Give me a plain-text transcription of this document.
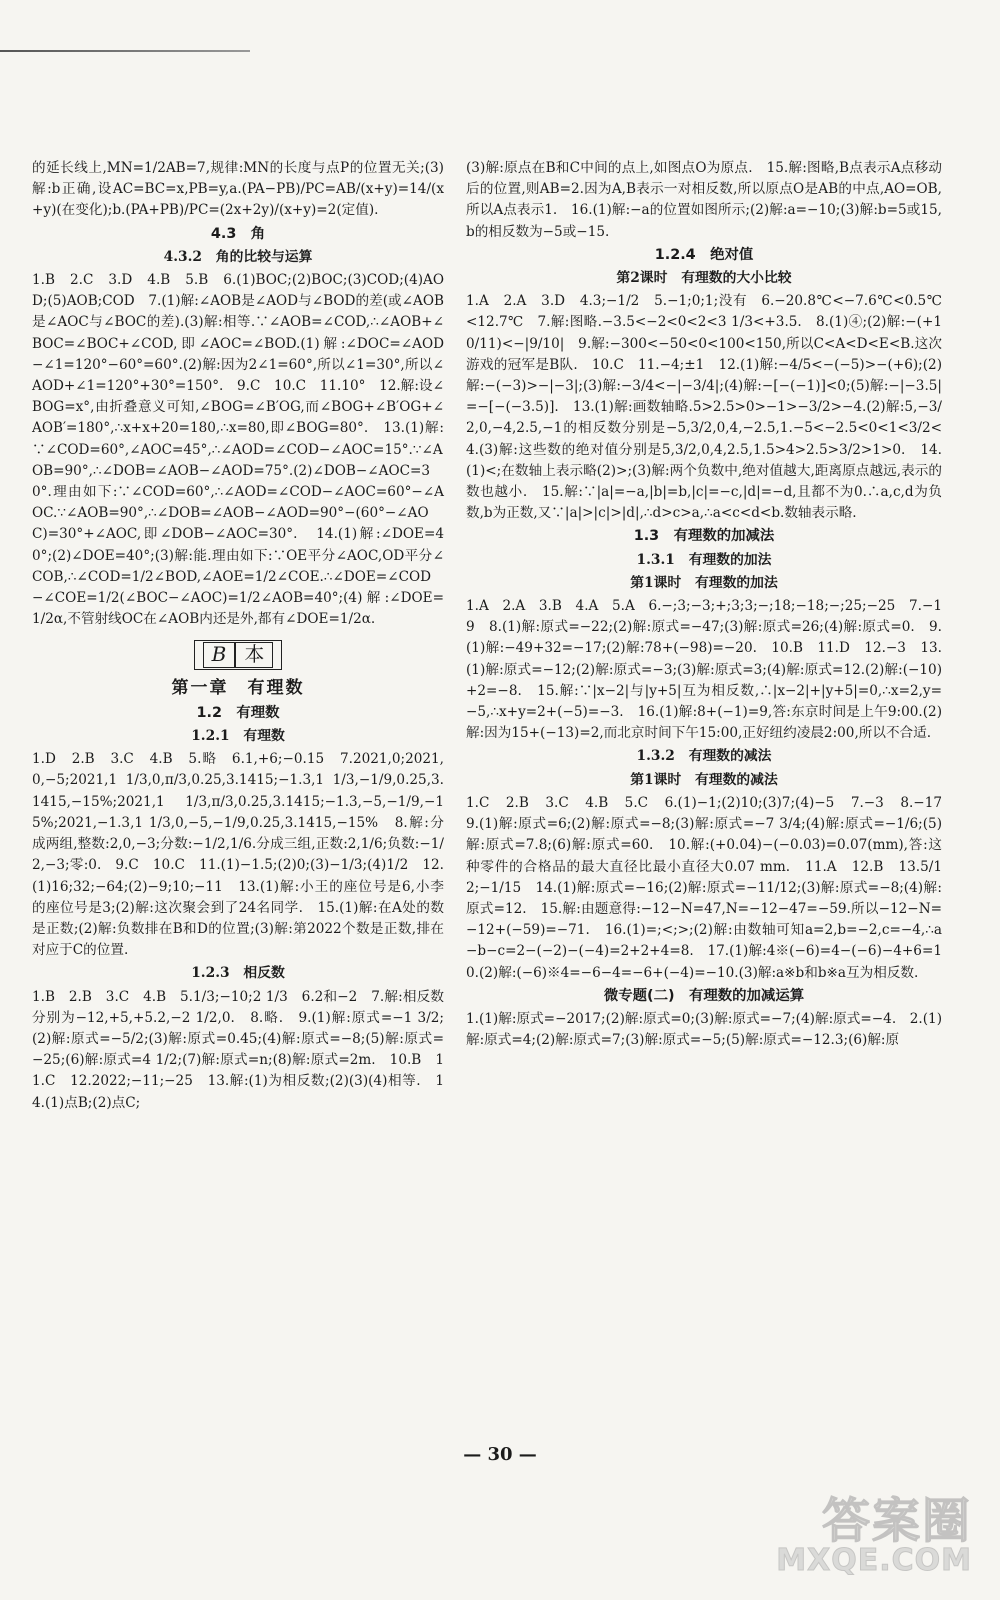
的延长线上,MN=1/2AB=7,规律:MN的长度与点P的位置无关;(3)解:b正确,设AC=BC=x,PB=y,a.(PA−PB)/PC=AB/(x+y)=14/(x+y)(在变化);b.(PA+PB)/PC=(2x+2y)/(x+y)=2(定值).

4.3　角
4.3.2　角的比较与运算

1.B　2.C　3.D　4.B　5.B　6.(1)BOC;(2)BOC;(3)COD;(4)AOD;(5)AOB;COD　7.(1)解:∠AOB是∠AOD与∠BOD的差(或∠AOB是∠AOC与∠BOC的差).(3)解:相等.∵∠AOB=∠COD,∴∠AOB+∠BOC=∠BOC+∠COD,即∠AOC=∠BOD.(1)解:∠DOC=∠AOD−∠1=120°−60°=60°.(2)解:因为2∠1=60°,所以∠1=30°,所以∠AOD+∠1=120°+30°=150°.　9.C　10.C　11.10°　12.解:设∠BOG=x°,由折叠意义可知,∠BOG=∠B′OG,而∠BOG+∠B′OG+∠AOB′=180°,∴x+x+20=180,∴x=80,即∠BOG=80°.　13.(1)解:∵∠COD=60°,∠AOC=45°,∴∠AOD=∠COD−∠AOC=15°.∵∠AOB=90°,∴∠DOB=∠AOB−∠AOD=75°.(2)∠DOB−∠AOC=30°.理由如下:∵∠COD=60°,∴∠AOD=∠COD−∠AOC=60°−∠AOC.∵∠AOB=90°,∴∠DOB=∠AOB−∠AOD=90°−(60°−∠AOC)=30°+∠AOC,即∠DOB−∠AOC=30°.　14.(1)解:∠DOE=40°;(2)∠DOE=40°;(3)解:能.理由如下:∵OE平分∠AOC,OD平分∠COB,∴∠COD=1/2∠BOD,∠AOE=1/2∠COE.∴∠DOE=∠COD−∠COE=1/2(∠BOC−∠AOC)=1/2∠AOB=40°;(4)解:∠DOE=1/2α,不管射线OC在∠AOB内还是外,都有∠DOE=1/2α.

B 本
第一章　有理数
1.2　有理数
1.2.1　有理数

1.D　2.B　3.C　4.B　5.略　6.1,+6;−0.15　7.2021,0;2021,0,−5;2021,1 1/3,0,π/3,0.25,3.1415;−1.3,1 1/3,−1/9,0.25,3.1415,−15%;2021,1 1/3,π/3,0.25,3.1415;−1.3,−5,−1/9,−15%;2021,−1.3,1 1/3,0,−5,−1/9,0.25,3.1415,−15%　8.解:分成两组,整数:2,0,−3;分数:−1/2,1/6.分成三组,正数:2,1/6;负数:−1/2,−3;零:0.　9.C　10.C　11.(1)−1.5;(2)0;(3)−1/3;(4)1/2　12.(1)16;32;−64;(2)−9;10;−11　13.(1)解:小王的座位号是6,小李的座位号是3;(2)解:这次聚会到了24名同学.　15.(1)解:在A处的数是正数;(2)解:负数排在B和D的位置;(3)解:第2022个数是正数,排在对应于C的位置.

1.2.3　相反数

1.B　2.B　3.C　4.B　5.1/3;−10;2 1/3　6.2和−2　7.解:相反数分别为−12,+5,+5.2,−2 1/2,0.　8.略.　9.(1)解:原式=−1 3/2;(2)解:原式=−5/2;(3)解:原式=0.45;(4)解:原式=−8;(5)解:原式=−25;(6)解:原式=4 1/2;(7)解:原式=n;(8)解:原式=2m.　10.B　11.C　12.2022;−11;−25　13.解:(1)为相反数;(2)(3)(4)相等.　14.(1)点B;(2)点C;

(3)解:原点在B和C中间的点上,如图点O为原点.　15.解:图略,B点表示A点移动后的位置,则AB=2.因为A,B表示一对相反数,所以原点O是AB的中点,AO=OB,所以A点表示1.　16.(1)解:−a的位置如图所示;(2)解:a=−10;(3)解:b=5或15,b的相反数为−5或−15.

1.2.4　绝对值
第2课时　有理数的大小比较

1.A　2.A　3.D　4.3;−1/2　5.−1;0;1;没有　6.−20.8℃<−7.6℃<0.5℃<12.7℃　7.解:图略.−3.5<−2<0<2<3 1/3<+3.5.　8.(1)④;(2)解:−(+10/11)<−|9/10|　9.解:−300<−50<0<100<150,所以C<A<D<E<B.这次游戏的冠军是B队.　10.C　11.−4;±1　12.(1)解:−4/5<−(−5)>−(+6);(2)解:−(−3)>−|−3|;(3)解:−3/4<−|−3/4|;(4)解:−[−(−1)]<0;(5)解:−|−3.5|=−[−(−3.5)].　13.(1)解:画数轴略.5>2.5>0>−1>−3/2>−4.(2)解:5,−3/2,0,−4,2.5,−1的相反数分别是−5,3/2,0,4,−2.5,1.−5<−2.5<0<1<3/2<4.(3)解:这些数的绝对值分别是5,3/2,0,4,2.5,1.5>4>2.5>3/2>1>0.　14.(1)<;在数轴上表示略(2)>;(3)解:两个负数中,绝对值越大,距离原点越远,表示的数也越小.　15.解:∵|a|=−a,|b|=b,|c|=−c,|d|=−d,且都不为0.∴a,c,d为负数,b为正数,又∵|a|>|c|>|d|,∴d>c>a,∴a<c<d<b.数轴表示略.

1.3　有理数的加减法
1.3.1　有理数的加法
第1课时　有理数的加法

1.A　2.A　3.B　4.A　5.A　6.−;3;−3;+;3;3;−;18;−18;−;25;−25　7.−19　8.(1)解:原式=−22;(2)解:原式=−47;(3)解:原式=26;(4)解:原式=0.　9.(1)解:−49+32=−17;(2)解:78+(−98)=−20.　10.B　11.D　12.−3　13.(1)解:原式=−12;(2)解:原式=−3;(3)解:原式=3;(4)解:原式=12.(2)解:(−10)+2=−8.　15.解:∵|x−2|与|y+5|互为相反数,∴|x−2|+|y+5|=0,∴x=2,y=−5,∴x+y=2+(−5)=−3.　16.(1)解:8+(−1)=9,答:东京时间是上午9:00.(2)解:因为15+(−13)=2,而北京时间下午15:00,正好纽约凌晨2:00,所以不合适.

1.3.2　有理数的减法
第1课时　有理数的减法

1.C　2.B　3.C　4.B　5.C　6.(1)−1;(2)10;(3)7;(4)−5　7.−3　8.−17　9.(1)解:原式=6;(2)解:原式=−8;(3)解:原式=−7 3/4;(4)解:原式=−1/6;(5)解:原式=7.8;(6)解:原式=60.　10.解:(+0.04)−(−0.03)=0.07(mm),答:这种零件的合格品的最大直径比最小直径大0.07 mm.　11.A　12.B　13.5/12;−1/15　14.(1)解:原式=−16;(2)解:原式=−11/12;(3)解:原式=−8;(4)解:原式=12.　15.解:由题意得:−12−N=47,N=−12−47=−59.所以−12−N=−12+(−59)=−71.　16.(1)=;<;>;(2)解:由数轴可知a=2,b=−2,c=−4,∴a−b−c=2−(−2)−(−4)=2+2+4=8.　17.(1)解:4※(−6)=4−(−6)−4+6=10.(2)解:(−6)※4=−6−4=−6+(−4)=−10.(3)解:a※b和b※a互为相反数.

微专题(二)　有理数的加减运算

1.(1)解:原式=−2017;(2)解:原式=0;(3)解:原式=−7;(4)解:原式=−4.　2.(1)解:原式=4;(2)解:原式=7;(3)解:原式=−5;(5)解:原式=−12.3;(6)解:原

— 30 —
答案圈
MXQE.COM
